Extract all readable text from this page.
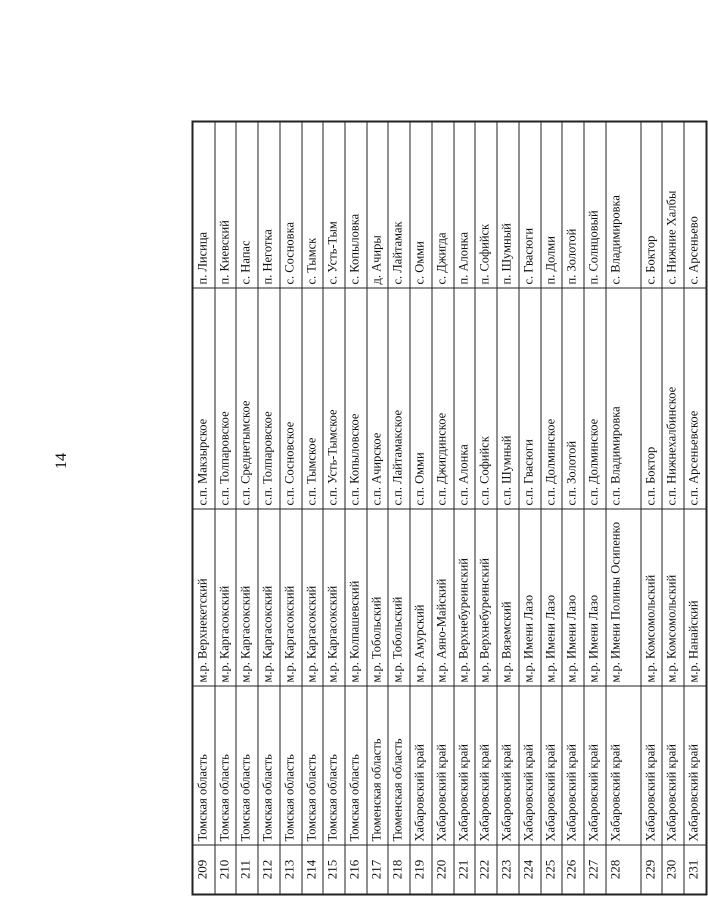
14
209	Томская область	м.р. Верхнекетский	с.п. Макзырское	п. Лисица
210	Томская область	м.р. Каргасокский	с.п. Толпаровское	п. Киевский
211	Томская область	м.р. Каргасокский	с.п. Среднетымское	с. Напас
212	Томская область	м.р. Каргасокский	с.п. Толпаровское	п. Неготка
213	Томская область	м.р. Каргасокский	с.п. Сосновское	с. Сосновка
214	Томская область	м.р. Каргасокский	с.п. Тымское	с. Тымск
215	Томская область	м.р. Каргасокский	с.п. Усть-Тымское	с. Усть-Тым
216	Томская область	м.р. Колпашевский	с.п. Копыловское	с. Копыловка
217	Тюменская область	м.р. Тобольский	с.п. Ачирское	д. Ачиры
218	Тюменская область	м.р. Тобольский	с.п. Лайтамакское	с. Лайтамак
219	Хабаровский край	м.р. Амурский	с.п. Омми	с. Омми
220	Хабаровский край	м.р. Аяно-Майский	с.п. Джигдинское	с. Джигда
221	Хабаровский край	м.р. Верхнебуреинский	с.п. Алонка	п. Алонка
222	Хабаровский край	м.р. Верхнебуреинский	с.п. Софийск	п. Софийск
223	Хабаровский край	м.р. Вяземский	с.п. Шумный	п. Шумный
224	Хабаровский край	м.р. Имени Лазо	с.п. Гвасюги	с. Гвасюги
225	Хабаровский край	м.р. Имени Лазо	с.п. Долминское	п. Долми
226	Хабаровский край	м.р. Имени Лазо	с.п. Золотой	п. Золотой
227	Хабаровский край	м.р. Имени Лазо	с.п. Долминское	п. Солнцовый
228	Хабаровский край	м.р. Имени Полины Осипенко	с.п. Владимировка	с. Владимировка
229	Хабаровский край	м.р. Комсомольский	с.п. Боктор	с. Боктор
230	Хабаровский край	м.р. Комсомольский	с.п. Нижнехалбинское	с. Нижние Халбы
231	Хабаровский край	м.р. Нанайский	с.п. Арсеньевское	с. Арсеньево
